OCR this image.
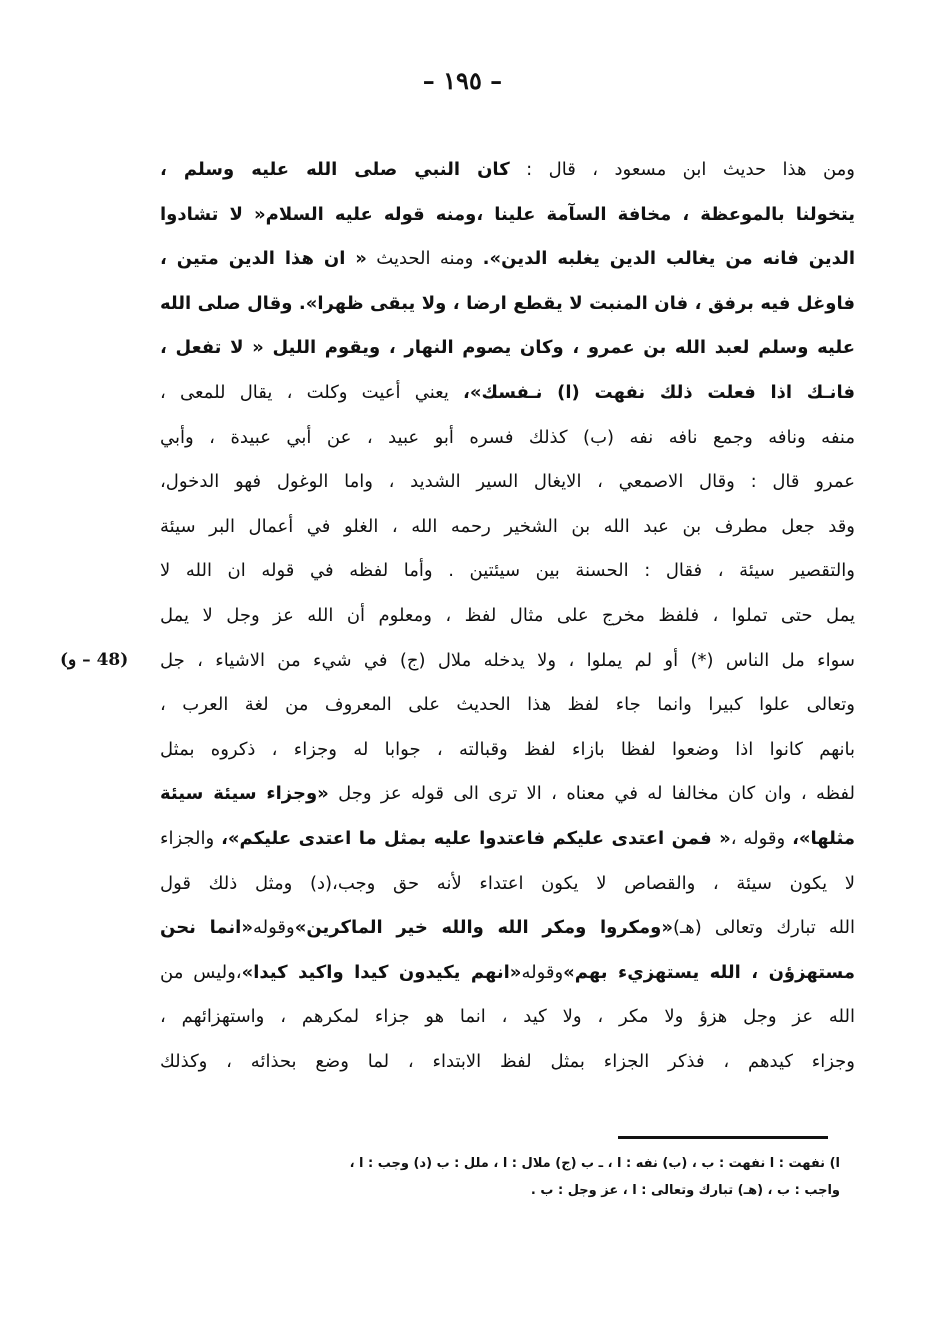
– ١٩٥ –
ومن هذا حديث ابن مسعود ، قال : كان النبي صلى الله عليه وسلم ،
يتخولنا بالموعظة ، مخافة السآمة علينا ،ومنه قوله عليه السلام« لا تشادوا
الدين فانه من يغالب الدين يغلبه الدين». ومنه الحديث « ان هذا الدين متين ،
فاوغل فيه برفق ، فان المنبت لا يقطع ارضا ، ولا يبقى ظهرا». وقال صلى الله
عليه وسلم لعبد الله بن عمرو ، وكان يصوم النهار ، ويقوم الليل « لا تفعل ،
فانـك اذا فعلت ذلك نفهت (ا) نـفسك»، يعني أعيت وكلت ، يقال للمعى ،
منفه ونافه وجمع نافه نفه (ب) كذلك فسره أبو عبيد ، عن أبي عبيدة ، وأبي
عمرو قال : وقال الاصمعي ، الايغال السير الشديد ، واما الوغول فهو الدخول،
وقد جعل مطرف بن عبد الله بن الشخير رحمه الله ، الغلو في أعمال البر سيئة
والتقصير سيئة ، فقال : الحسنة بين سيئتين . وأما لفظه في قوله ان الله لا
يمل حتى تملوا ، فلفظ مخرج على مثال لفظ ، ومعلوم أن الله عز وجل لا يمل
سواء مل الناس (*) أو لم يملوا ، ولا يدخله ملال (ج) في شيء من الاشياء ، جل
وتعالى علوا كبيرا وانما جاء لفظ هذا الحديث على المعروف من لغة العرب ،
بانهم كانوا اذا وضعوا لفظا بازاء لفظ وقبالته ، جوابا له وجزاء ، ذكروه بمثل
لفظه ، وان كان مخالفا له في معناه ، الا ترى الى قوله عز وجل «وجزاء سيئة سيئة
مثلها»، وقوله ،« فمن اعتدى عليكم فاعتدوا عليه بمثل ما اعتدى عليكم»، والجزاء
لا يكون سيئة ، والقصاص لا يكون اعتداء لأنه حق وجب،(د) ومثل ذلك قول
الله تبارك وتعالى (هـ)«ومكروا ومكر الله والله خير الماكرين»وقوله«انما نحن
مستهزؤن ، الله يستهزيء بهم»وقوله«انهم يكيدون كيدا واكيد كيدا»،وليس من
الله عز وجل هزؤ ولا مكر ، ولا كيد ، انما هو جزاء لمكرهم ، واستهزائهم ،
وجزاء كيدهم ، فذكر الجزاء بمثل لفظ الابتداء ، لما وضع بحذائه ، وكذلك
(48 – و)
ا) نفهت : ا نفهت : ب ، (ب) نفه : ا ، ـ ب (ج) ملال : ا ، ملل : ب (د) وجب : ا ،
واجب : ب ، (هـ) تبارك وتعالى : ا ، عز وجل : ب .
